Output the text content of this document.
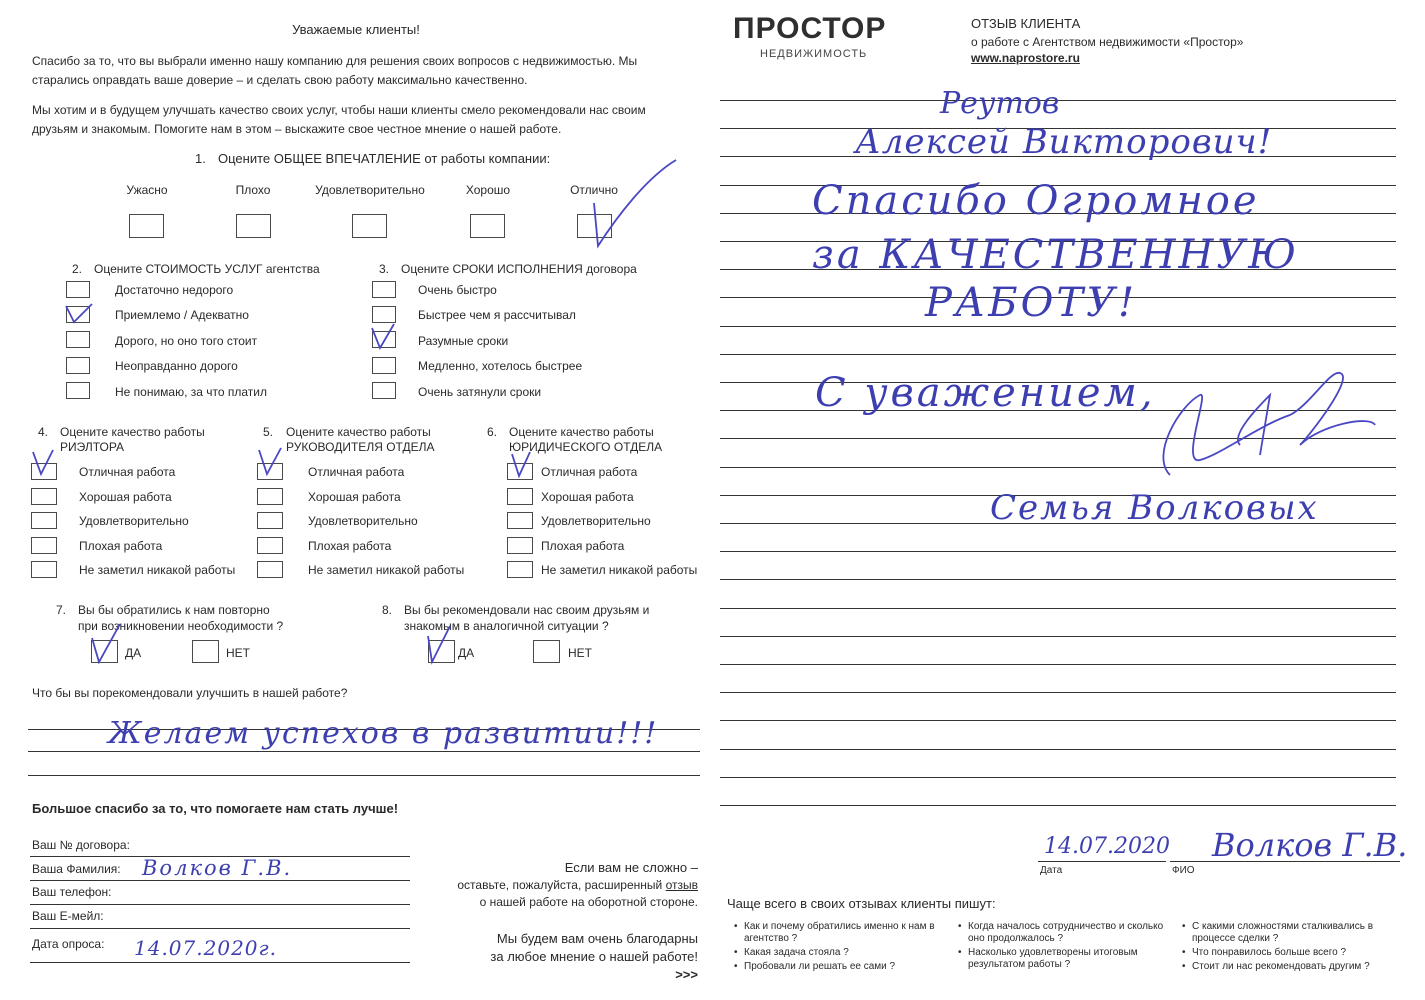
Уважаемые клиенты!
Спасибо за то, что вы выбрали именно нашу компанию для решения своих вопросов с недвижимостью. Мы старались оправдать ваше доверие – и сделать свою работу максимально качественно.
Мы хотим и в будущем улучшать качество своих услуг, чтобы наши клиенты смело рекомендовали нас своим друзьям и знакомым. Помогите нам в этом – выскажите свое честное мнение о нашей работе.
1. Оцените ОБЩЕЕ ВПЕЧАТЛЕНИЕ от работы компании:
Ужасно	Плохо	Удовлетворительно	Хорошо	Отлично
2. Оцените СТОИМОСТЬ УСЛУГ агентства
Достаточно недорого
Приемлемо / Адекватно
Дорого, но оно того стоит
Неоправданно дорого
Не понимаю, за что платил
3. Оцените СРОКИ ИСПОЛНЕНИЯ договора
Очень быстро
Быстрее чем я рассчитывал
Разумные сроки
Медленно, хотелось быстрее
Очень затянули сроки
4. Оцените качество работы
РИЭЛТОРА
Отличная работа
Хорошая работа
Удовлетворительно
Плохая работа
Не заметил никакой работы
5. Оцените качество работы
РУКОВОДИТЕЛЯ ОТДЕЛА
Отличная работа
Хорошая работа
Удовлетворительно
Плохая работа
Не заметил никакой работы
6. Оцените качество работы
ЮРИДИЧЕСКОГО ОТДЕЛА
Отличная работа
Хорошая работа
Удовлетворительно
Плохая работа
Не заметил никакой работы
7. Вы бы обратились к нам повторно
при возникновении необходимости ?
ДА	НЕТ
8. Вы бы рекомендовали нас своим друзьям и
знакомым в аналогичной ситуации ?
ДА	НЕТ
Что бы вы порекомендовали улучшить в нашей работе?
Желаем успехов в развитии!!!
Большое спасибо за то, что помогаете нам стать лучше!
Ваш № договора:
Ваша Фамилия: Волков Г.В.
Ваш телефон:
Ваш Е-мейл:
Дата опроса: 14.07.2020г.
Если вам не сложно –
оставьте, пожалуйста, расширенный отзыв
о нашей работе на оборотной стороне.
Мы будем вам очень благодарны
за любое мнение о нашей работе!
>>>
ПРОСТОР
НЕДВИЖИМОСТЬ
ОТЗЫВ КЛИЕНТА
о работе с Агентством недвижимости «Простор»
www.naprostore.ru
Реутов
Алексей Викторович!
Спасибо Огромное
за КАЧЕСТВЕННУЮ
РАБОТУ!
С уважением,
Семья Волковых
14.07.2020 Волков Г.В.
Дата	ФИО
Чаще всего в своих отзывах клиенты пишут:
• Как и почему обратились именно к нам в агентство ?
• Какая задача стояла ?
• Пробовали ли решать ее сами ?
• Когда началось сотрудничество и сколько оно продолжалось ?
• Насколько удовлетворены итоговым результатом работы ?
• С какими сложностями сталкивались в процессе сделки ?
• Что понравилось больше всего ?
• Стоит ли нас рекомендовать другим ?
